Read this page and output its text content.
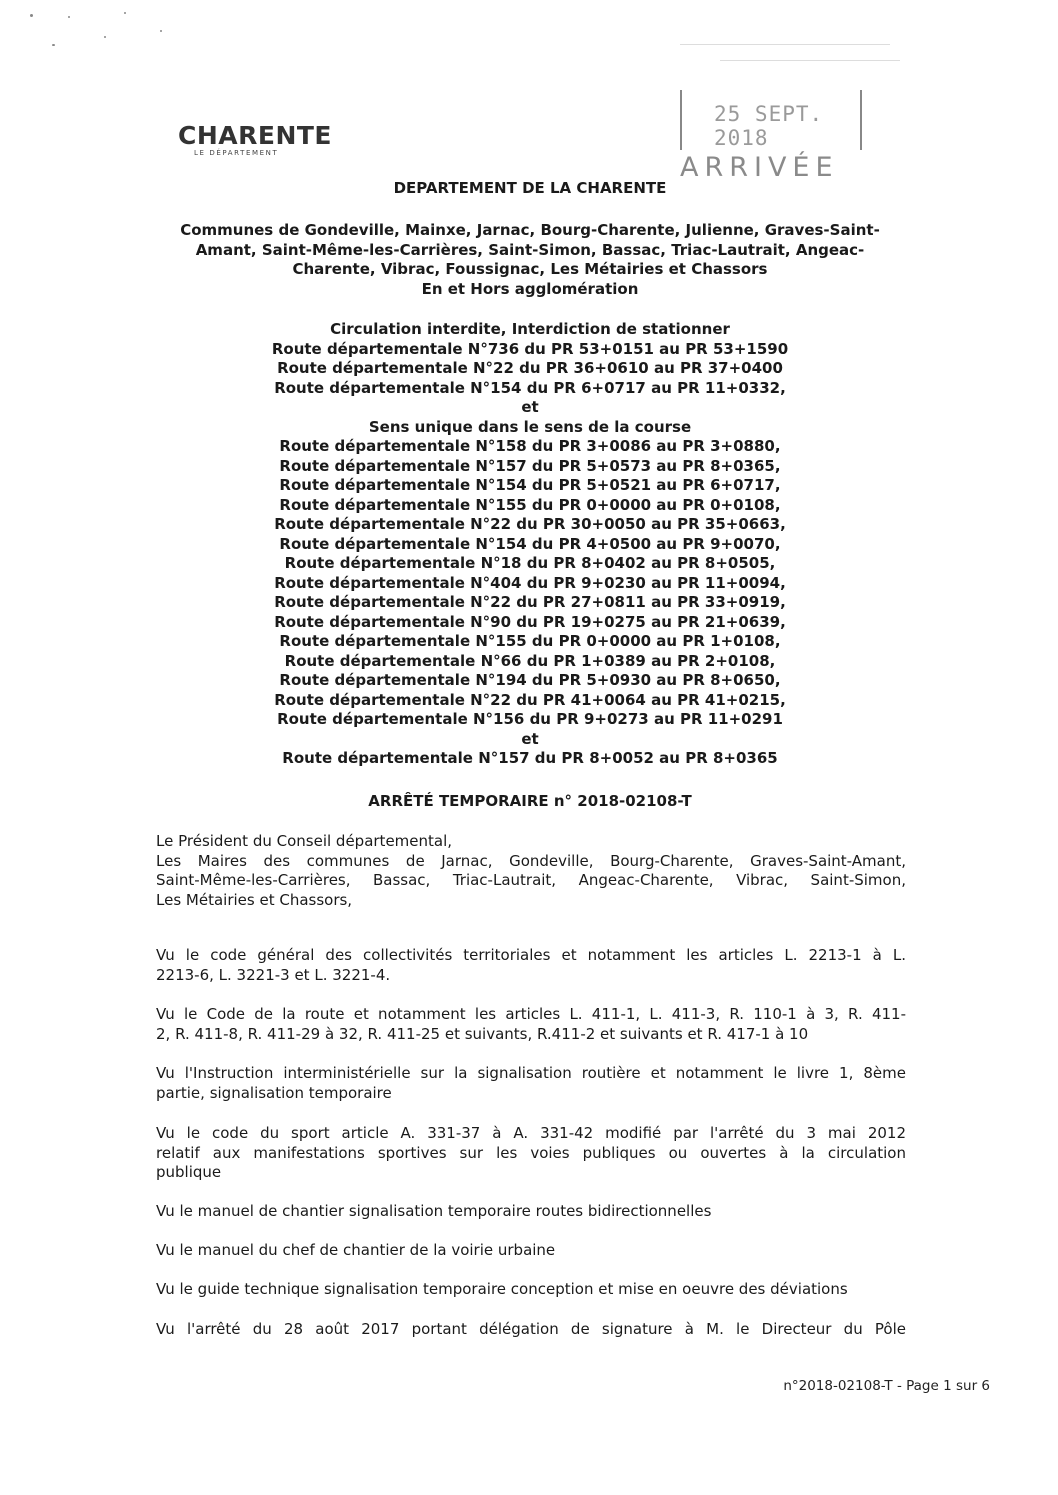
CHARENTE
LE DÉPARTEMENT
25 SEPT. 2018
ARRIVÉE
DEPARTEMENT DE LA CHARENTE
Communes de Gondeville, Mainxe, Jarnac, Bourg-Charente, Julienne, Graves-Saint-
Amant, Saint-Même-les-Carrières, Saint-Simon, Bassac, Triac-Lautrait, Angeac-
Charente, Vibrac, Foussignac, Les Métairies et Chassors
En et Hors agglomération
Circulation interdite, Interdiction de stationner
Route départementale N°736 du PR 53+0151 au PR 53+1590
Route départementale N°22 du PR 36+0610 au PR 37+0400
Route départementale N°154 du PR 6+0717 au PR 11+0332,
et
Sens unique dans le sens de la course
Route départementale N°158 du PR 3+0086 au PR 3+0880,
Route départementale N°157 du PR 5+0573 au PR 8+0365,
Route départementale N°154 du PR 5+0521 au PR 6+0717,
Route départementale N°155 du PR 0+0000 au PR 0+0108,
Route départementale N°22 du PR 30+0050 au PR 35+0663,
Route départementale N°154 du PR 4+0500 au PR 9+0070,
Route départementale N°18 du PR 8+0402 au PR 8+0505,
Route départementale N°404 du PR 9+0230 au PR 11+0094,
Route départementale N°22 du PR 27+0811 au PR 33+0919,
Route départementale N°90 du PR 19+0275 au PR 21+0639,
Route départementale N°155 du PR 0+0000 au PR 1+0108,
Route départementale N°66 du PR 1+0389 au PR 2+0108,
Route départementale N°194 du PR 5+0930 au PR 8+0650,
Route départementale N°22 du PR 41+0064 au PR 41+0215,
Route départementale N°156 du PR 9+0273 au PR 11+0291
et
Route départementale N°157 du PR 8+0052 au PR 8+0365
ARRÊTÉ TEMPORAIRE n° 2018-02108-T
Le Président du Conseil départemental,
Les Maires des communes de Jarnac, Gondeville, Bourg-Charente, Graves-Saint-Amant,
Saint-Même-les-Carrières, Bassac, Triac-Lautrait, Angeac-Charente, Vibrac, Saint-Simon,
Les Métairies et Chassors,
Vu le code général des collectivités territoriales et notamment les articles L. 2213-1 à L.
2213-6, L. 3221-3 et L. 3221-4.
Vu le Code de la route et notamment les articles L. 411-1, L. 411-3, R. 110-1 à 3, R. 411-
2, R. 411-8, R. 411-29 à 32, R. 411-25 et suivants, R.411-2 et suivants et R. 417-1 à 10
Vu l'Instruction interministérielle sur la signalisation routière et notamment le livre 1, 8ème
partie, signalisation temporaire
Vu le code du sport article A. 331-37 à A. 331-42 modifié par l'arrêté du 3 mai 2012
relatif aux manifestations sportives sur les voies publiques ou ouvertes à la circulation
publique
Vu le manuel de chantier signalisation temporaire routes bidirectionnelles
Vu le manuel du chef de chantier de la voirie urbaine
Vu le guide technique signalisation temporaire conception et mise en oeuvre des déviations
Vu l'arrêté du 28 août 2017 portant délégation de signature à M. le Directeur du Pôle
n°2018-02108-T - Page 1 sur 6
